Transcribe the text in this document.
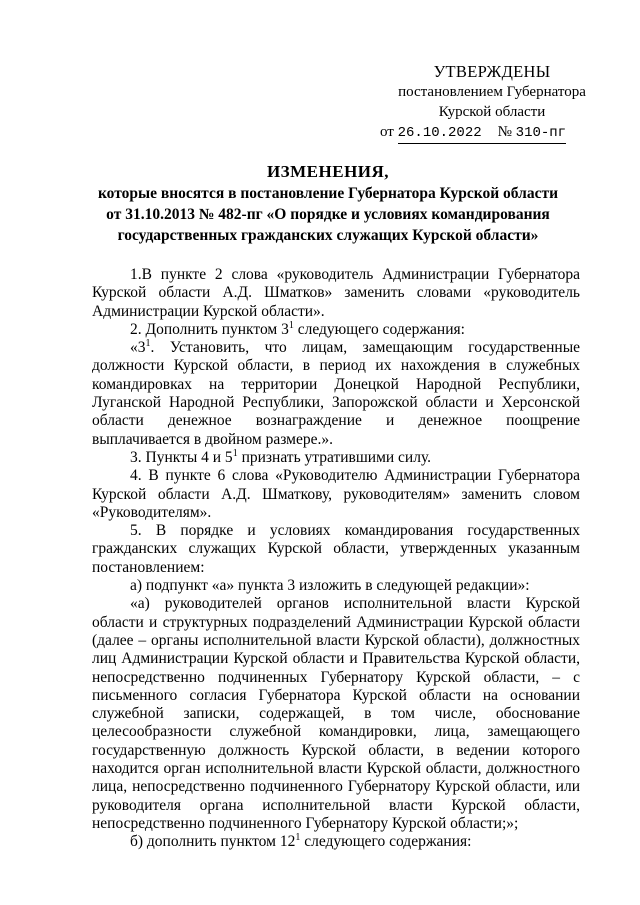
УТВЕРЖДЕНЫ
постановлением Губернатора
Курской области
от 26.10.2022 № 310-пг
ИЗМЕНЕНИЯ,
которые вносятся в постановление Губернатора Курской области
от 31.10.2013 № 482-пг «О порядке и условиях командирования
государственных гражданских служащих Курской области»

1.В пункте 2 слова «руководитель Администрации Губернатора Курской области А.Д. Шматков» заменить словами «руководитель Администрации Курской области».

2. Дополнить пунктом $3^1$ следующего содержания:

«$3^1$. Установить, что лицам, замещающим государственные должности Курской области, в период их нахождения в служебных командировках на территории Донецкой Народной Республики, Луганской Народной Республики, Запорожской области и Херсонской области денежное вознаграждение и денежное поощрение выплачивается в двойном размере.».

3. Пункты 4 и $5^1$ признать утратившими силу.

4. В пункте 6 слова «Руководителю Администрации Губернатора Курской области А.Д. Шматкову, руководителям» заменить словом «Руководителям».

5. В порядке и условиях командирования государственных гражданских служащих Курской области, утвержденных указанным постановлением:

а) подпункт «а» пункта 3 изложить в следующей редакции»:

«а) руководителей органов исполнительной власти Курской области и структурных подразделений Администрации Курской области (далее – органы исполнительной власти Курской области), должностных лиц Администрации Курской области и Правительства Курской области, непосредственно подчиненных Губернатору Курской области, – с письменного согласия Губернатора Курской области на основании служебной записки, содержащей, в том числе, обоснование целесообразности служебной командировки, лица, замещающего государственную должность Курской области, в ведении которого находится орган исполнительной власти Курской области, должностного лица, непосредственно подчиненного Губернатору Курской области, или руководителя органа исполнительной власти Курской области, непосредственно подчиненного Губернатору Курской области;»;

б) дополнить пунктом $12^1$ следующего содержания:
